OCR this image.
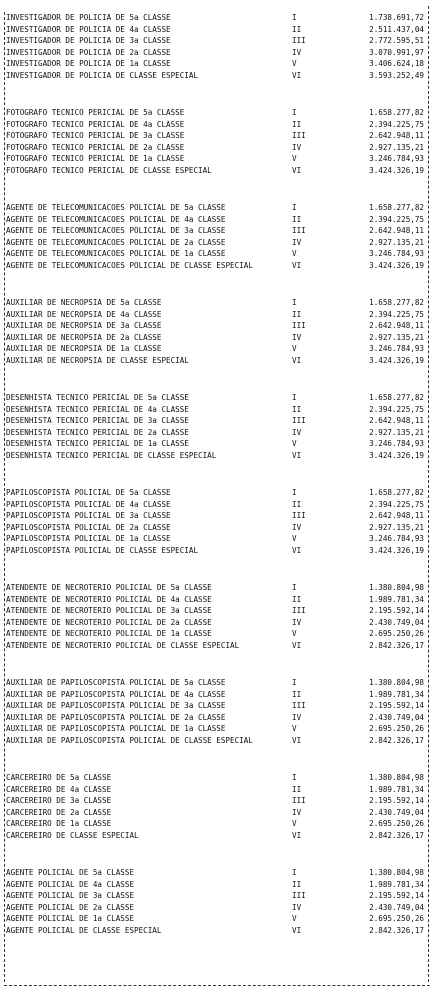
INVESTIGADOR DE POLICIA DE 5a CLASSE	I	1.738.691,72
INVESTIGADOR DE POLICIA DE 4a CLASSE	II	2.511.437,04
INVESTIGADOR DE POLICIA DE 3a CLASSE	III	2.772.595,51
INVESTIGADOR DE POLICIA DE 2a CLASSE	IV	3.070.991,97
INVESTIGADOR DE POLICIA DE 1a CLASSE	V	3.406.624,18
INVESTIGADOR DE POLICIA DE CLASSE ESPECIAL	VI	3.593.252,49
FOTOGRAFO TECNICO PERICIAL DE 5a CLASSE	I	1.658.277,82
FOTOGRAFO TECNICO PERICIAL DE 4a CLASSE	II	2.394.225,75
FOTOGRAFO TECNICO PERICIAL DE 3a CLASSE	III	2.642.948,11
FOTOGRAFO TECNICO PERICIAL DE 2a CLASSE	IV	2.927.135,21
FOTOGRAFO TECNICO PERICIAL DE 1a CLASSE	V	3.246.784,93
FOTOGRAFO TECNICO PERICIAL DE CLASSE ESPECIAL	VI	3.424.326,19
AGENTE DE TELECOMUNICACOES POLICIAL DE 5a CLASSE	I	1.658.277,82
AGENTE DE TELECOMUNICACOES POLICIAL DE 4a CLASSE	II	2.394.225,75
AGENTE DE TELECOMUNICACOES POLICIAL DE 3a CLASSE	III	2.642.948,11
AGENTE DE TELECOMUNICACOES POLICIAL DE 2a CLASSE	IV	2.927.135,21
AGENTE DE TELECOMUNICACOES POLICIAL DE 1a CLASSE	V	3.246.784,93
AGENTE DE TELECOMUNICACOES POLICIAL DE CLASSE ESPECIAL	VI	3.424.326,19
AUXILIAR DE NECROPSIA DE 5a CLASSE	I	1.658.277,82
AUXILIAR DE NECROPSIA DE 4a CLASSE	II	2.394.225,75
AUXILIAR DE NECROPSIA DE 3a CLASSE	III	2.642.948,11
AUXILIAR DE NECROPSIA DE 2a CLASSE	IV	2.927.135,21
AUXILIAR DE NECROPSIA DE 1a CLASSE	V	3.246.784,93
AUXILIAR DE NECROPSIA DE CLASSE ESPECIAL	VI	3.424.326,19
DESENHISTA TECNICO PERICIAL DE 5a CLASSE	I	1.658.277,82
DESENHISTA TECNICO PERICIAL DE 4a CLASSE	II	2.394.225,75
DESENHISTA TECNICO PERICIAL DE 3a CLASSE	III	2.642.948,11
DESENHISTA TECNICO PERICIAL DE 2a CLASSE	IV	2.927.135,21
DESENHISTA TECNICO PERICIAL DE 1a CLASSE	V	3.246.784,93
DESENHISTA TECNICO PERICIAL DE CLASSE ESPECIAL	VI	3.424.326,19
PAPILOSCOPISTA POLICIAL DE 5a CLASSE	I	1.658.277,82
PAPILOSCOPISTA POLICIAL DE 4a CLASSE	II	2.394.225,75
PAPILOSCOPISTA POLICIAL DE 3a CLASSE	III	2.642.948,11
PAPILOSCOPISTA POLICIAL DE 2a CLASSE	IV	2.927.135,21
PAPILOSCOPISTA POLICIAL DE 1a CLASSE	V	3.246.784,93
PAPILOSCOPISTA POLICIAL DE CLASSE ESPECIAL	VI	3.424.326,19
ATENDENTE DE NECROTERIO POLICIAL DE 5a CLASSE	I	1.380.804,98
ATENDENTE DE NECROTERIO POLICIAL DE 4a CLASSE	II	1.989.781,34
ATENDENTE DE NECROTERIO POLICIAL DE 3a CLASSE	III	2.195.592,14
ATENDENTE DE NECROTERIO POLICIAL DE 2a CLASSE	IV	2.430.749,04
ATENDENTE DE NECROTERIO POLICIAL DE 1a CLASSE	V	2.695.250,26
ATENDENTE DE NECROTERIO POLICIAL DE CLASSE ESPECIAL	VI	2.842.326,17
AUXILIAR DE PAPILOSCOPISTA POLICIAL DE 5a CLASSE	I	1.380.804,98
AUXILIAR DE PAPILOSCOPISTA POLICIAL DE 4a CLASSE	II	1.989.781,34
AUXILIAR DE PAPILOSCOPISTA POLICIAL DE 3a CLASSE	III	2.195.592,14
AUXILIAR DE PAPILOSCOPISTA POLICIAL DE 2a CLASSE	IV	2.430.749,04
AUXILIAR DE PAPILOSCOPISTA POLICIAL DE 1a CLASSE	V	2.695.250,26
AUXILIAR DE PAPILOSCOPISTA POLICIAL DE CLASSE ESPECIAL	VI	2.842.326,17
CARCEREIRO DE 5a CLASSE	I	1.380.804,98
CARCEREIRO DE 4a CLASSE	II	1.989.781,34
CARCEREIRO DE 3a CLASSE	III	2.195.592,14
CARCEREIRO DE 2a CLASSE	IV	2.430.749,04
CARCEREIRO DE 1a CLASSE	V	2.695.250,26
CARCEREIRO DE CLASSE ESPECIAL	VI	2.842.326,17
AGENTE POLICIAL DE 5a CLASSE	I	1.380.804,98
AGENTE POLICIAL DE 4a CLASSE	II	1.989.781,34
AGENTE POLICIAL DE 3a CLASSE	III	2.195.592,14
AGENTE POLICIAL DE 2a CLASSE	IV	2.430.749,04
AGENTE POLICIAL DE 1a CLASSE	V	2.695.250,26
AGENTE POLICIAL DE CLASSE ESPECIAL	VI	2.842.326,17
